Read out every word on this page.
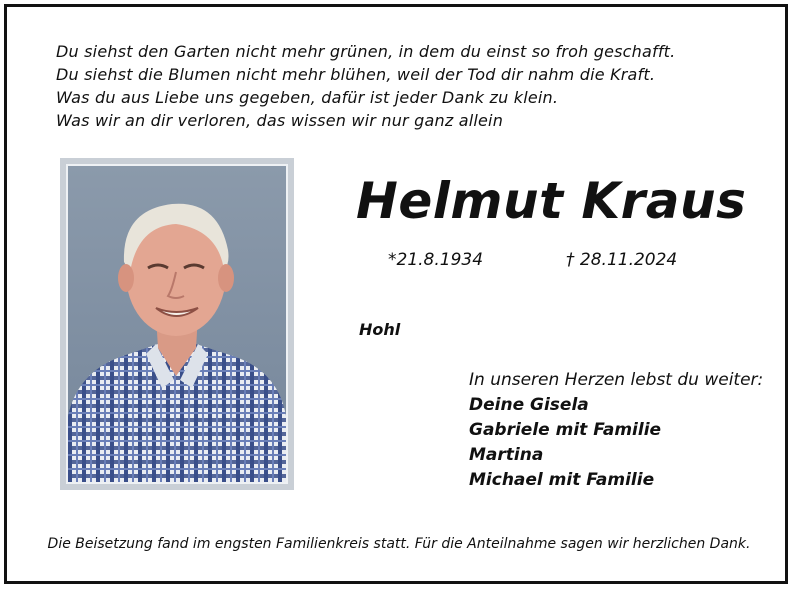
Du siehst den Garten nicht mehr grünen, in dem du einst so froh geschafft.
Du siehst die Blumen nicht mehr blühen, weil der Tod dir nahm die Kraft.
Was du aus Liebe uns gegeben, dafür ist jeder Dank zu klein.
Was wir an dir verloren, das wissen wir nur ganz allein
Helmut Kraus
*21.8.1934	† 28.11.2024
Hohl
In unseren Herzen lebst du weiter:
Deine Gisela
Gabriele mit Familie
Martina
Michael mit Familie
Die Beisetzung fand im engsten Familienkreis statt. Für die Anteilnahme sagen wir herzlichen Dank.
